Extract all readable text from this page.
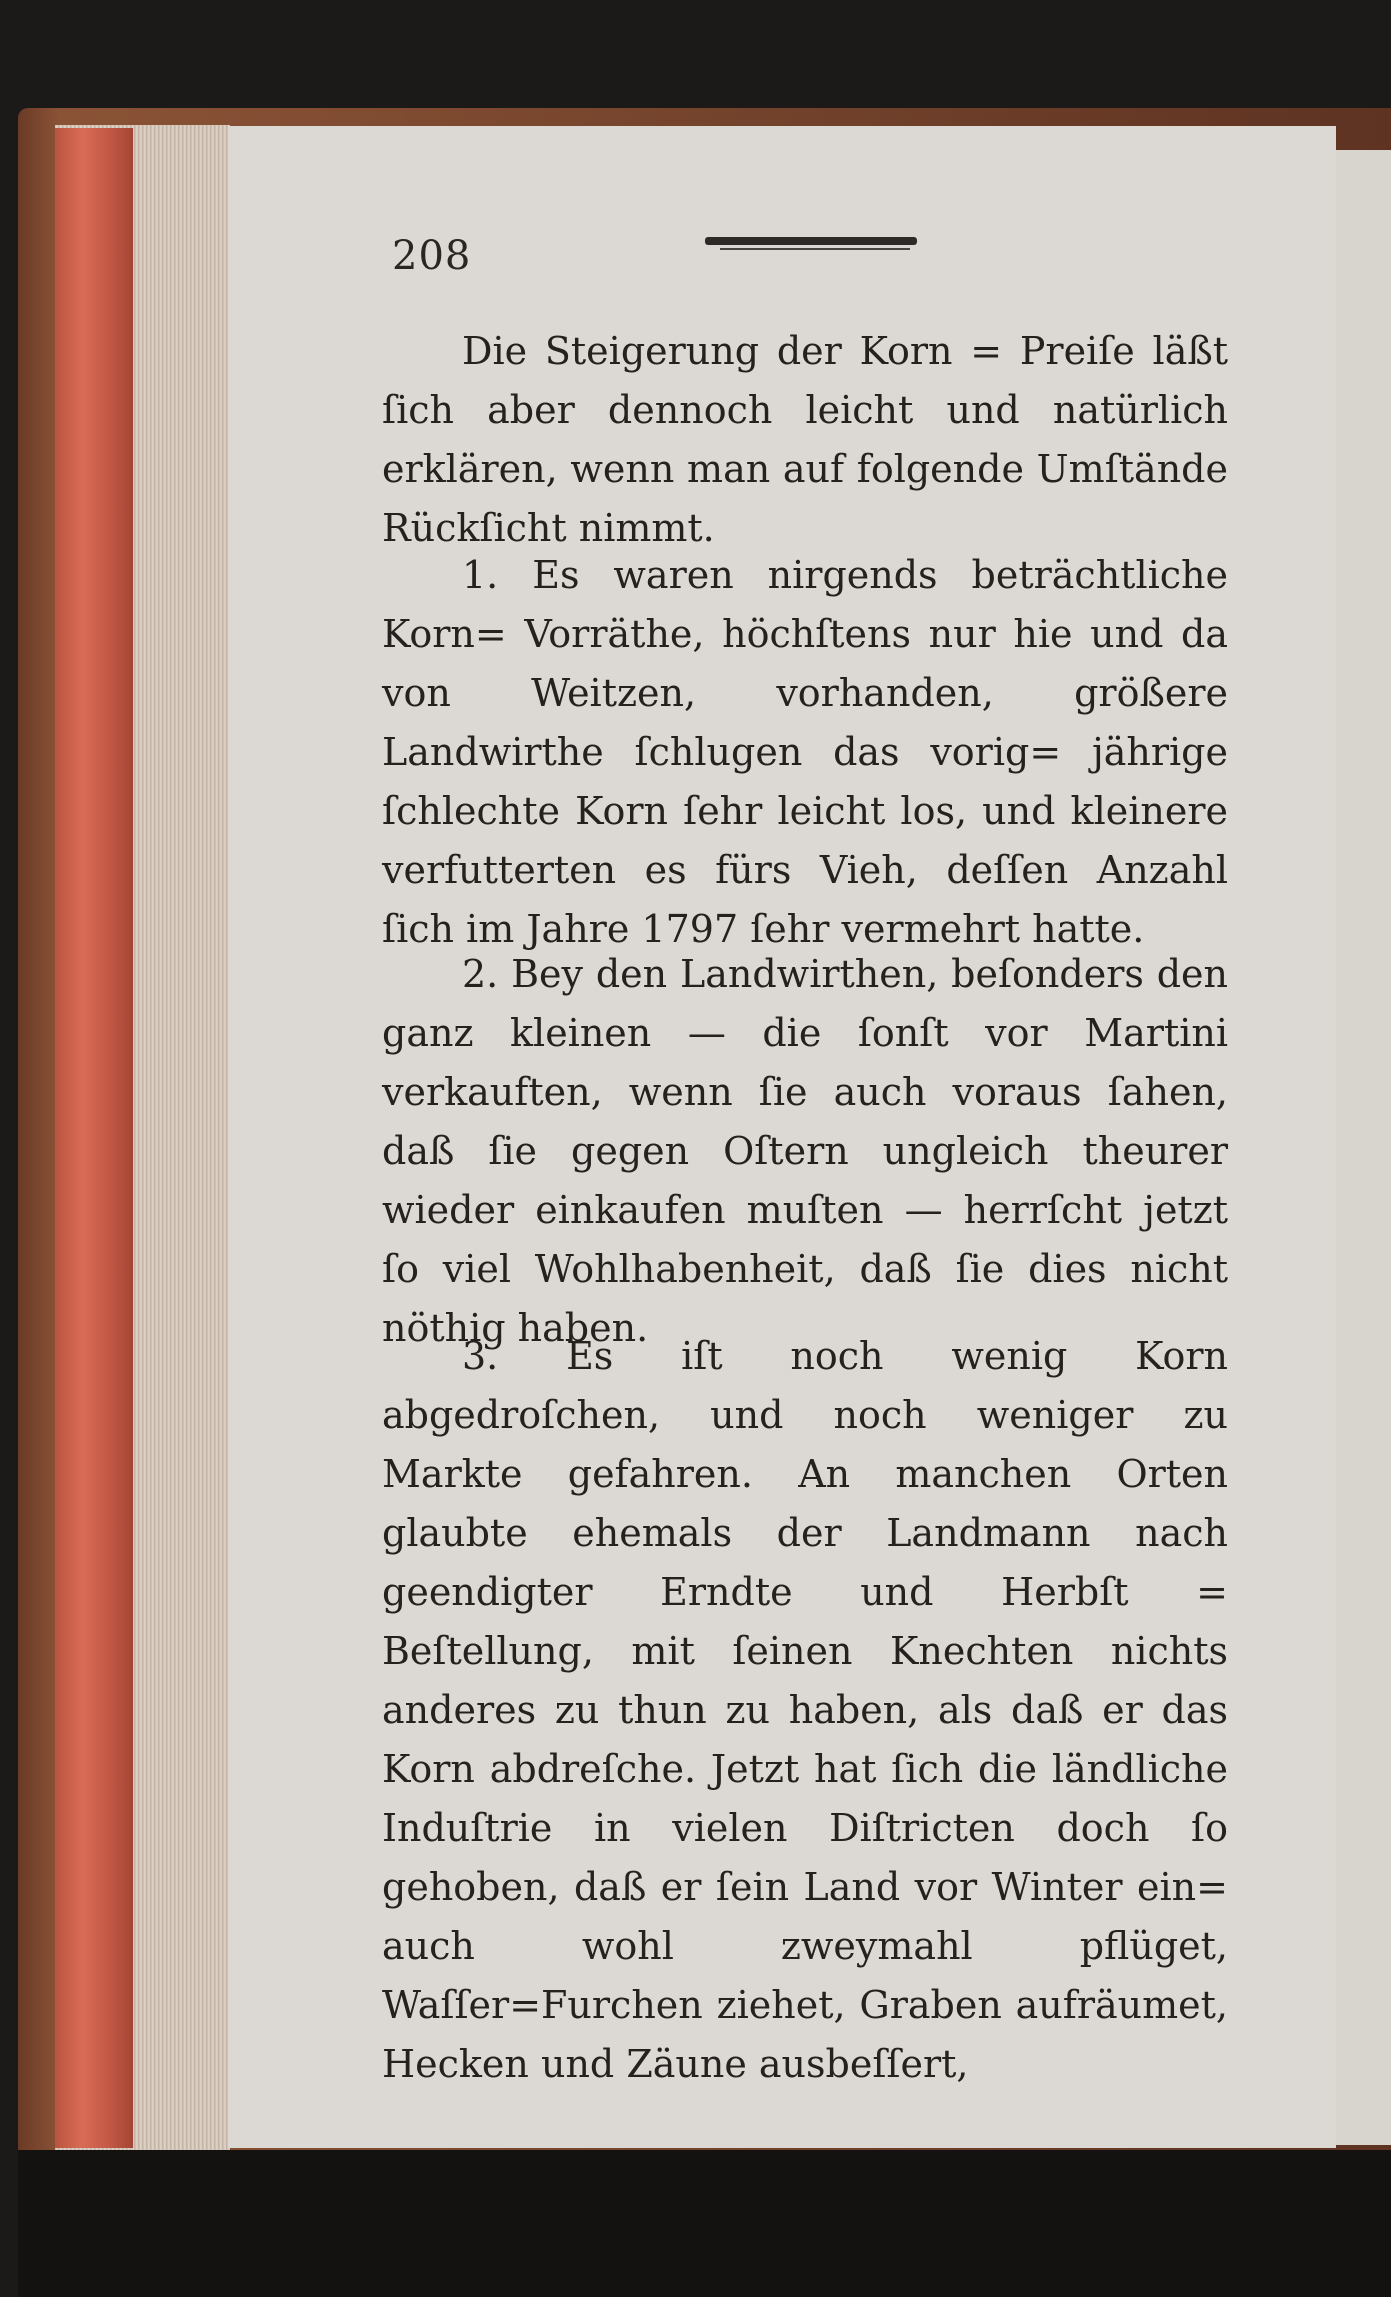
208
Die Steigerung der Korn = Preiſe läßt ſich aber dennoch leicht und natürlich erklären, wenn man auf folgende Umſtände Rückſicht nimmt.
1. Es waren nirgends beträchtliche Korn= Vorräthe, höchſtens nur hie und da von Weitzen, vorhanden, größere Landwirthe ſchlugen das vorig= jährige ſchlechte Korn ſehr leicht los, und kleinere verfutterten es fürs Vieh, deſſen Anzahl ſich im Jahre 1797 ſehr vermehrt hatte.
2. Bey den Landwirthen, beſonders den ganz kleinen — die ſonſt vor Martini verkauften, wenn ſie auch voraus ſahen, daß ſie gegen Oſtern ungleich theurer wieder einkaufen muſten — herrſcht jetzt ſo viel Wohlhabenheit, daß ſie dies nicht nöthig haben.
3. Es iſt noch wenig Korn abgedroſchen, und noch weniger zu Markte gefahren. An manchen Orten glaubte ehemals der Landmann nach geendigter Erndte und Herbſt = Beſtellung, mit ſeinen Knechten nichts anderes zu thun zu haben, als daß er das Korn abdreſche. Jetzt hat ſich die ländliche Induſtrie in vielen Diſtricten doch ſo gehoben, daß er ſein Land vor Winter ein= auch wohl zweymahl pflüget, Waſſer=Furchen ziehet, Graben aufräumet, Hecken und Zäune ausbeſſert,
